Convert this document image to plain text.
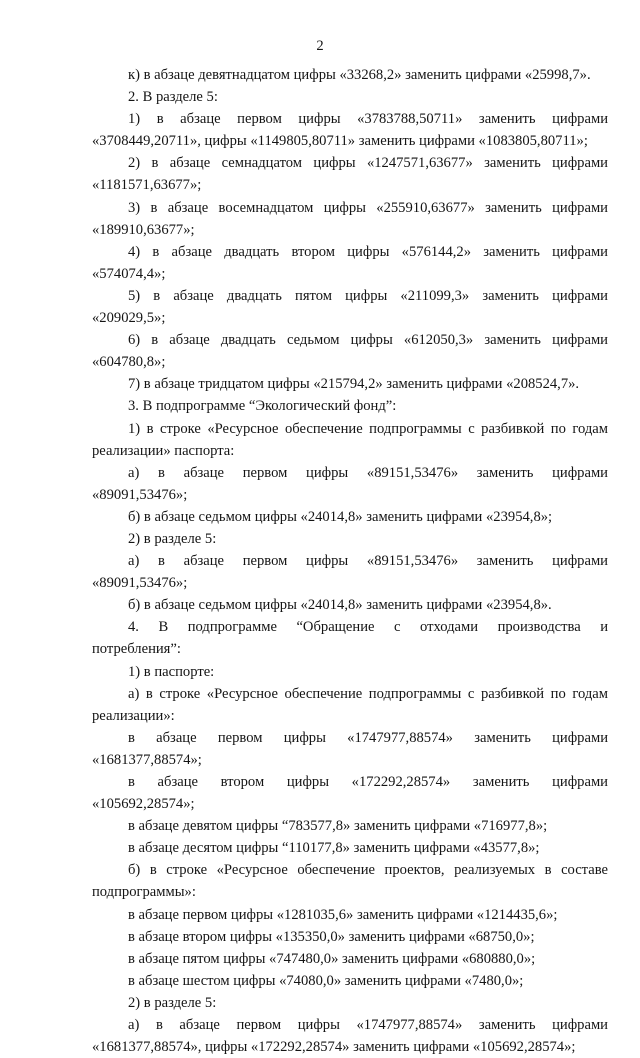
2
к) в абзаце девятнадцатом цифры «33268,2» заменить цифрами «25998,7».
2. В разделе 5:
1) в абзаце первом цифры «3783788,50711» заменить цифрами
«3708449,20711», цифры «1149805,80711» заменить цифрами «1083805,80711»;
2) в абзаце семнадцатом цифры «1247571,63677» заменить цифрами
«1181571,63677»;
3) в абзаце восемнадцатом цифры «255910,63677» заменить цифрами
«189910,63677»;
4) в абзаце двадцать втором цифры «576144,2» заменить цифрами
«574074,4»;
5) в абзаце двадцать пятом цифры «211099,3» заменить цифрами
«209029,5»;
6) в абзаце двадцать седьмом цифры «612050,3» заменить цифрами
«604780,8»;
7) в абзаце тридцатом цифры «215794,2» заменить цифрами «208524,7».
3. В подпрограмме “Экологический фонд”:
1) в строке «Ресурсное обеспечение подпрограммы с разбивкой по годам
реализации» паспорта:
а) в абзаце первом цифры «89151,53476» заменить цифрами
«89091,53476»;
б) в абзаце седьмом цифры «24014,8» заменить цифрами «23954,8»;
2) в разделе 5:
а) в абзаце первом цифры «89151,53476» заменить цифрами
«89091,53476»;
б) в абзаце седьмом цифры «24014,8» заменить цифрами «23954,8».
4. В подпрограмме “Обращение с отходами производства и
потребления”:
1) в паспорте:
а) в строке «Ресурсное обеспечение подпрограммы с разбивкой по годам
реализации»:
в абзаце первом цифры «1747977,88574» заменить цифрами
«1681377,88574»;
в абзаце втором цифры «172292,28574» заменить цифрами
«105692,28574»;
в абзаце девятом цифры “783577,8» заменить цифрами «716977,8»;
в абзаце десятом цифры “110177,8» заменить цифрами «43577,8»;
б) в строке «Ресурсное обеспечение проектов, реализуемых в составе
подпрограммы»:
в абзаце первом цифры «1281035,6» заменить цифрами «1214435,6»;
в абзаце втором цифры «135350,0» заменить цифрами «68750,0»;
в абзаце пятом цифры «747480,0» заменить цифрами «680880,0»;
в абзаце шестом цифры «74080,0» заменить цифрами «7480,0»;
2) в разделе 5:
а) в абзаце первом цифры «1747977,88574» заменить цифрами
«1681377,88574», цифры «172292,28574» заменить цифрами «105692,28574»;
